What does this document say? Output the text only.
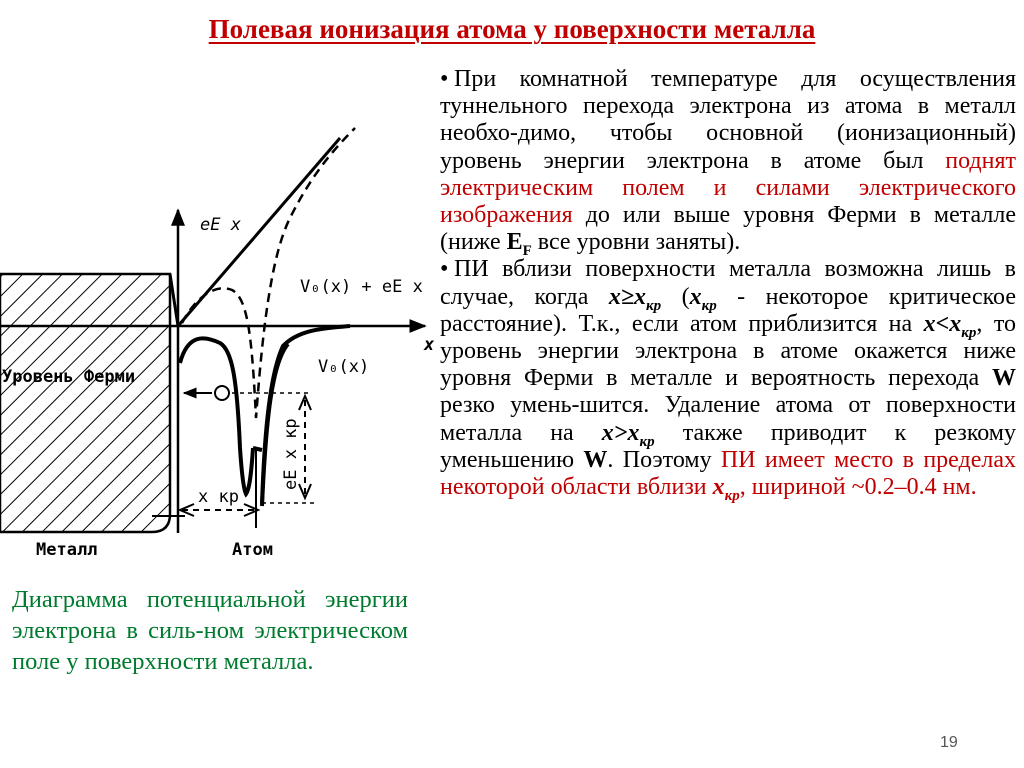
Полевая ионизация атома у поверхности металла
eE x
V₀(x) + eE x
x
V₀(x)
Уровень Ферми
eE x кр
x кр
Металл	Атом
Диаграмма потенциальной энергии электрона в силь-ном электрическом поле у поверхности металла.

• При комнатной температуре для осуществления туннельного перехода электрона из атома в металл необхо-димо, чтобы основной (ионизационный) уровень энергии электрона в атоме был поднят электрическим полем и силами электрического изображения до или выше уровня Ферми в металле (ниже $E_F$ все уровни заняты).

• ПИ вблизи поверхности металла возможна лишь в случае, когда $x\ge x_{кр}$ ($x_{кр}$ - некоторое критическое расстояние). Т.к., если атом приблизится на $x<x_{кр}$, то уровень энергии электрона в атоме окажется ниже уровня Ферми в металле и вероятность перехода W резко умень-шится. Удаление атома от поверхности металла на $x>x_{кр}$ также приводит к резкому уменьшению W. Поэтому ПИ имеет место в пределах некоторой области вблизи $x_{кр}$, шириной ~0.2–0.4 нм.

19
